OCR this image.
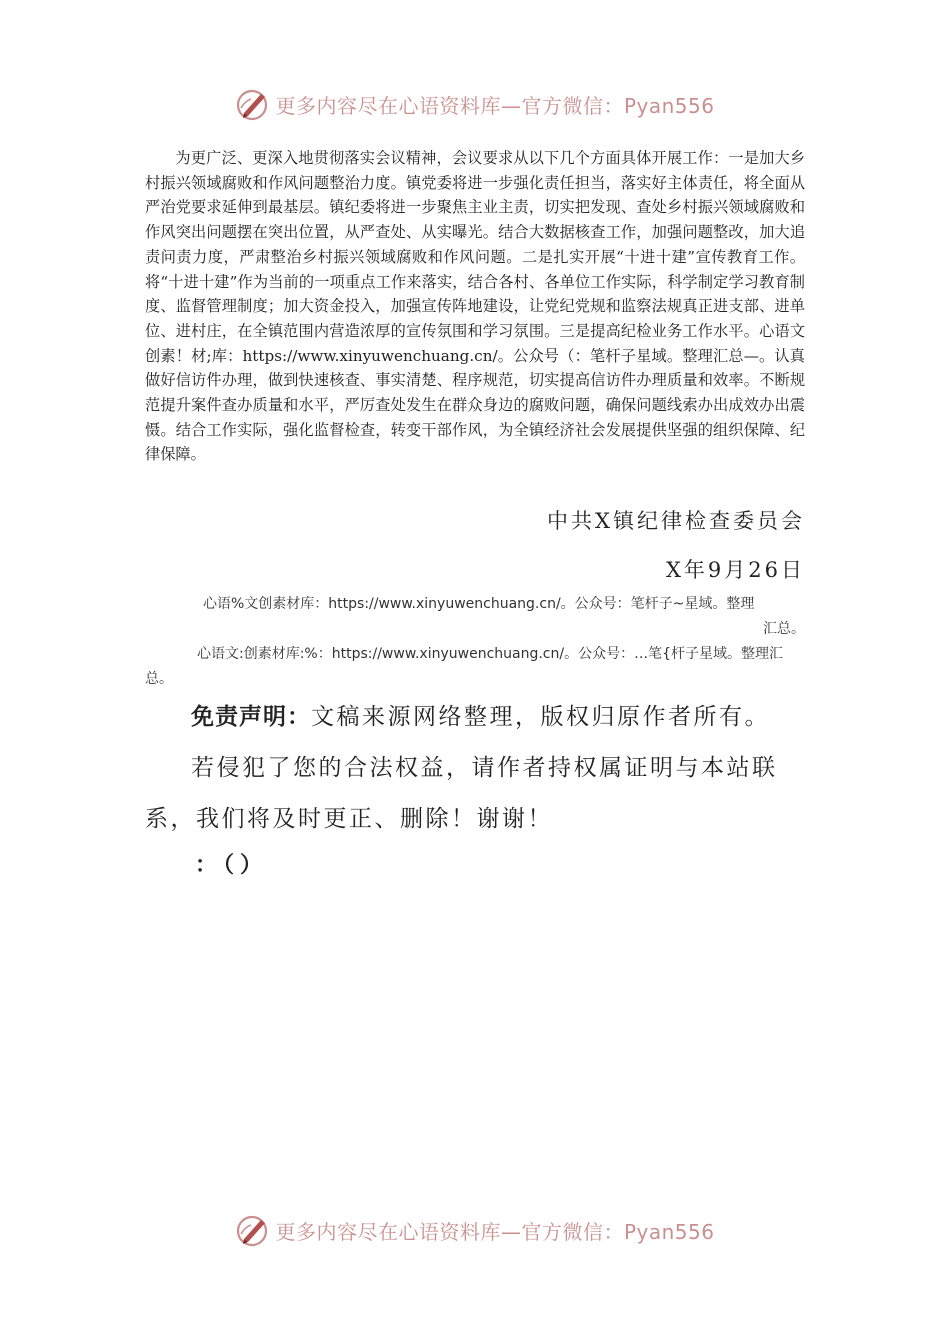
更多内容尽在心语资料库—官方微信：Pyan556

为更广泛、更深入地贯彻落实会议精神，会议要求从以下几个方面具体开展工作：一是加大乡村振兴领域腐败和作风问题整治力度。镇党委将进一步强化责任担当，落实好主体责任，将全面从严治党要求延伸到最基层。镇纪委将进一步聚焦主业主责，切实把发现、查处乡村振兴领域腐败和作风突出问题摆在突出位置，从严查处、从实曝光。结合大数据核查工作，加强问题整改，加大追责问责力度，严肃整治乡村振兴领域腐败和作风问题。二是扎实开展“十进十建”宣传教育工作。将“十进十建”作为当前的一项重点工作来落实，结合各村、各单位工作实际，科学制定学习教育制度、监督管理制度；加大资金投入，加强宣传阵地建设，让党纪党规和监察法规真正进支部、进单位、进村庄，在全镇范围内营造浓厚的宣传氛围和学习氛围。三是提高纪检业务工作水平。心语文创素！材;库：https://www.xinyuwenchuang.cn/。公众号（：笔杆子星域。整理汇总—。认真做好信访件办理，做到快速核查、事实清楚、程序规范，切实提高信访件办理质量和效率。不断规范提升案件查办质量和水平，严厉查处发生在群众身边的腐败问题，确保问题线索办出成效办出震慑。结合工作实际，强化监督检查，转变干部作风，为全镇经济社会发展提供坚强的组织保障、纪律保障。

中共X镇纪律检查委员会
X年9月26日

心语%文创素材库：https://www.xinyuwenchuang.cn/。公众号：笔杆子~星域。整理
汇总。

心语文:创素材库:%：https://www.xinyuwenchuang.cn/。公众号：…笔{杆子星域。整理汇总。

免责声明：文稿来源网络整理，版权归原作者所有。

若侵犯了您的合法权益，请作者持权属证明与本站联系，我们将及时更正、删除！谢谢！

：（）
更多内容尽在心语资料库—官方微信：Pyan556
